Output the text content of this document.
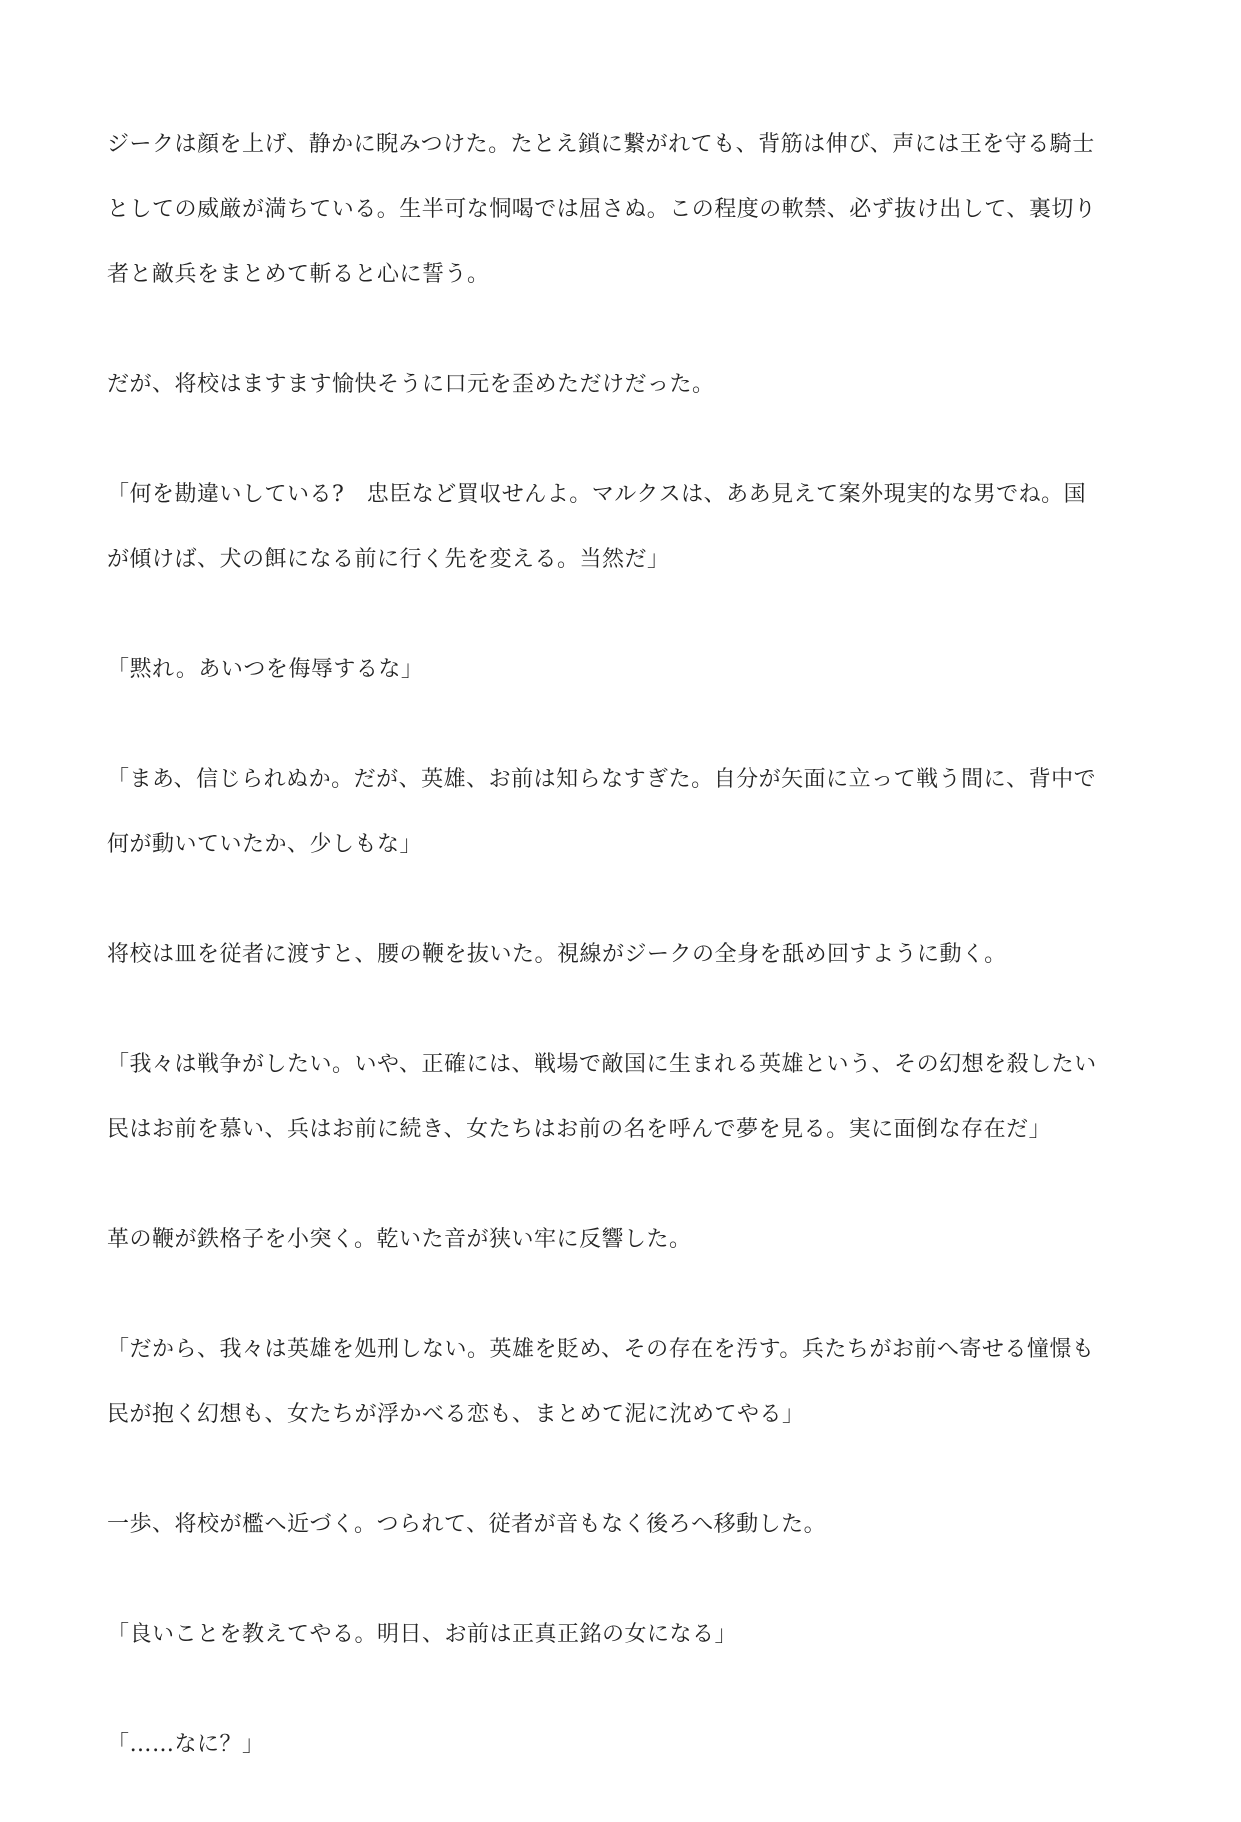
ジークは顔を上げ、静かに睨みつけた。たとえ鎖に繋がれても、背筋は伸び、声には王を守る騎士
としての威厳が満ちている。生半可な恫喝では屈さぬ。この程度の軟禁、必ず抜け出して、裏切り
者と敵兵をまとめて斬ると心に誓う。

だが、将校はますます愉快そうに口元を歪めただけだった。

「何を勘違いしている?　忠臣など買収せんよ。マルクスは、ああ見えて案外現実的な男でね。国
が傾けば、犬の餌になる前に行く先を変える。当然だ」

「黙れ。あいつを侮辱するな」

「まあ、信じられぬか。だが、英雄、お前は知らなすぎた。自分が矢面に立って戦う間に、背中で
何が動いていたか、少しもな」

将校は皿を従者に渡すと、腰の鞭を抜いた。視線がジークの全身を舐め回すように動く。

「我々は戦争がしたい。いや、正確には、戦場で敵国に生まれる英雄という、その幻想を殺したい
民はお前を慕い、兵はお前に続き、女たちはお前の名を呼んで夢を見る。実に面倒な存在だ」

革の鞭が鉄格子を小突く。乾いた音が狭い牢に反響した。

「だから、我々は英雄を処刑しない。英雄を貶め、その存在を汚す。兵たちがお前へ寄せる憧憬も
民が抱く幻想も、女たちが浮かべる恋も、まとめて泥に沈めてやる」

一歩、将校が檻へ近づく。つられて、従者が音もなく後ろへ移動した。

「良いことを教えてやる。明日、お前は正真正銘の女になる」

「……なに？」
